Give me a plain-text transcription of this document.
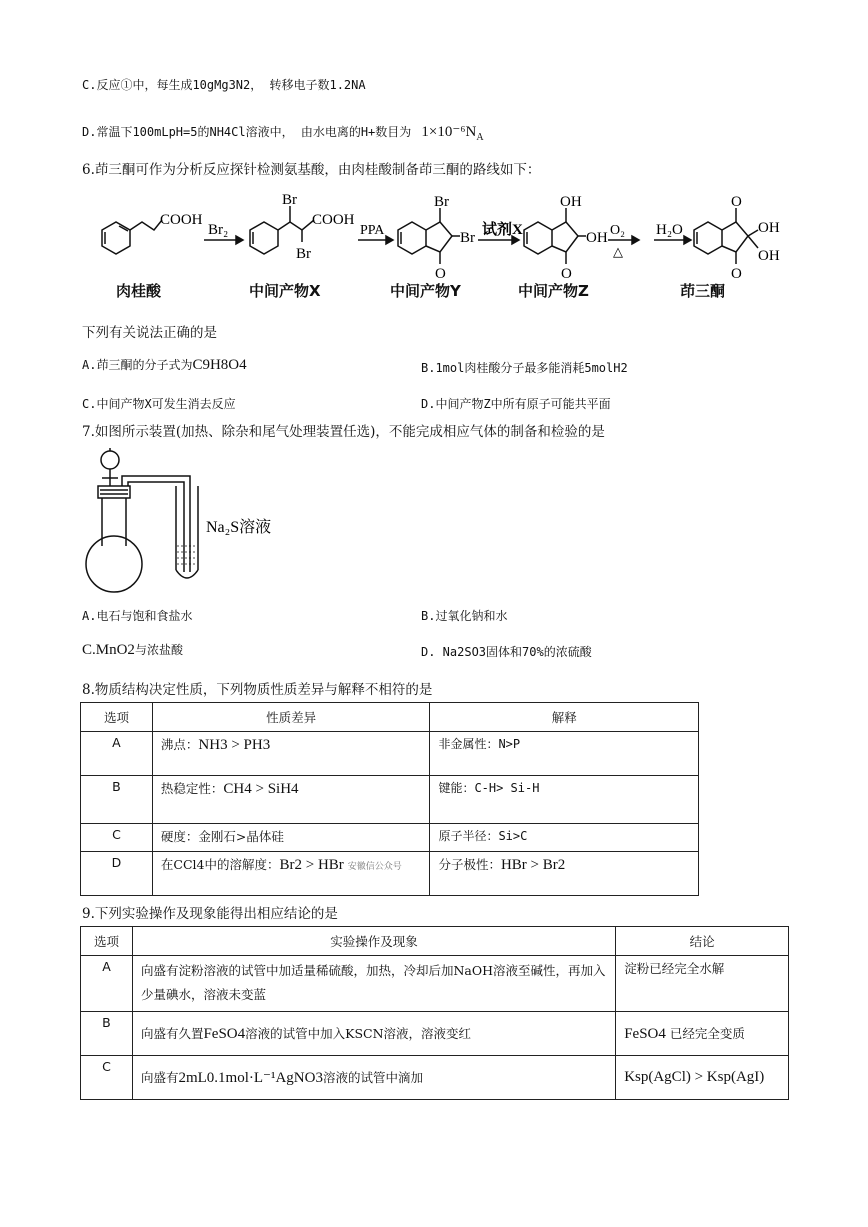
C.反应①中，每生成10gMg3N2， 转移电子数1.2NA
D.常温下100mLpH=5的NH4Cl溶液中， 由水电离的H+数目为 $1\times 10^{-6}N_A$
6.茚三酮可作为分析反应探针检测氨基酸，由肉桂酸制备茚三酮的路线如下：
COOH
Br
Br
COOH
Br
Br
O
OH
OH
O
O
OH
OH
O
Br₂	PPA	试剂X	O₂
△
H₂O
肉桂酸	中间产物X	中间产物Y	中间产物Z	茚三酮
下列有关说法正确的是
A.茚三酮的分子式为C9H8O4	B.1mol肉桂酸分子最多能消耗5molH2
C.中间产物X可发生消去反应	D.中间产物Z中所有原子可能共平面
7.如图所示装置(加热、除杂和尾气处理装置任选)，不能完成相应气体的制备和检验的是
Na₂S溶液
A.电石与饱和食盐水	B.过氧化钠和水
C.MnO2与浓盐酸	D. Na2SO3固体和70%的浓硫酸
8.物质结构决定性质，下列物质性质差异与解释不相符的是
选项	性质差异	解释
A	沸点：NH3 > PH3	非金属性：N>P
B	热稳定性：CH4 > SiH4	键能：C-H> Si-H
C	硬度：金刚石>晶体硅	原子半径：Si>C
D	在CCl4中的溶解度：Br2 > HBr 安徽信公众号	分子极性：HBr > Br2
9.下列实验操作及现象能得出相应结论的是
选项	实验操作及现象	结论
A	向盛有淀粉溶液的试管中加适量稀硫酸，加热，冷却后加NaOH溶液至碱性，再加入少量碘水，溶液未变蓝	淀粉已经完全水解
B	向盛有久置FeSO4溶液的试管中加入KSCN溶液，溶液变红	FeSO4 已经完全变质
C	向盛有2mL0.1mol·L⁻¹AgNO3溶液的试管中滴加	Ksp(AgCl) > Ksp(AgI)
